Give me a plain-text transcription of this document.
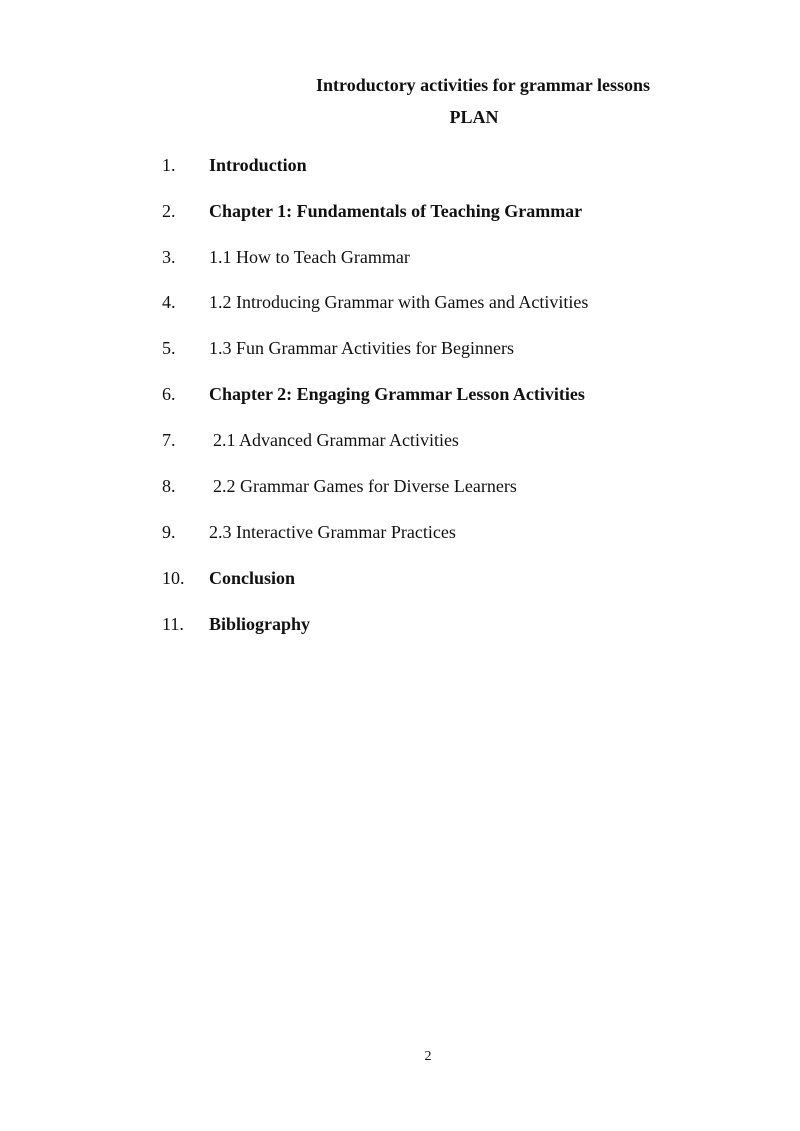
Introductory activities for grammar lessons
PLAN
1. Introduction
2. Chapter 1: Fundamentals of Teaching Grammar
3. 1.1 How to Teach Grammar
4. 1.2 Introducing Grammar with Games and Activities
5. 1.3 Fun Grammar Activities for Beginners
6. Chapter 2: Engaging Grammar Lesson Activities
7. 2.1 Advanced Grammar Activities
8. 2.2 Grammar Games for Diverse Learners
9. 2.3 Interactive Grammar Practices
10. Conclusion
11. Bibliography
2
